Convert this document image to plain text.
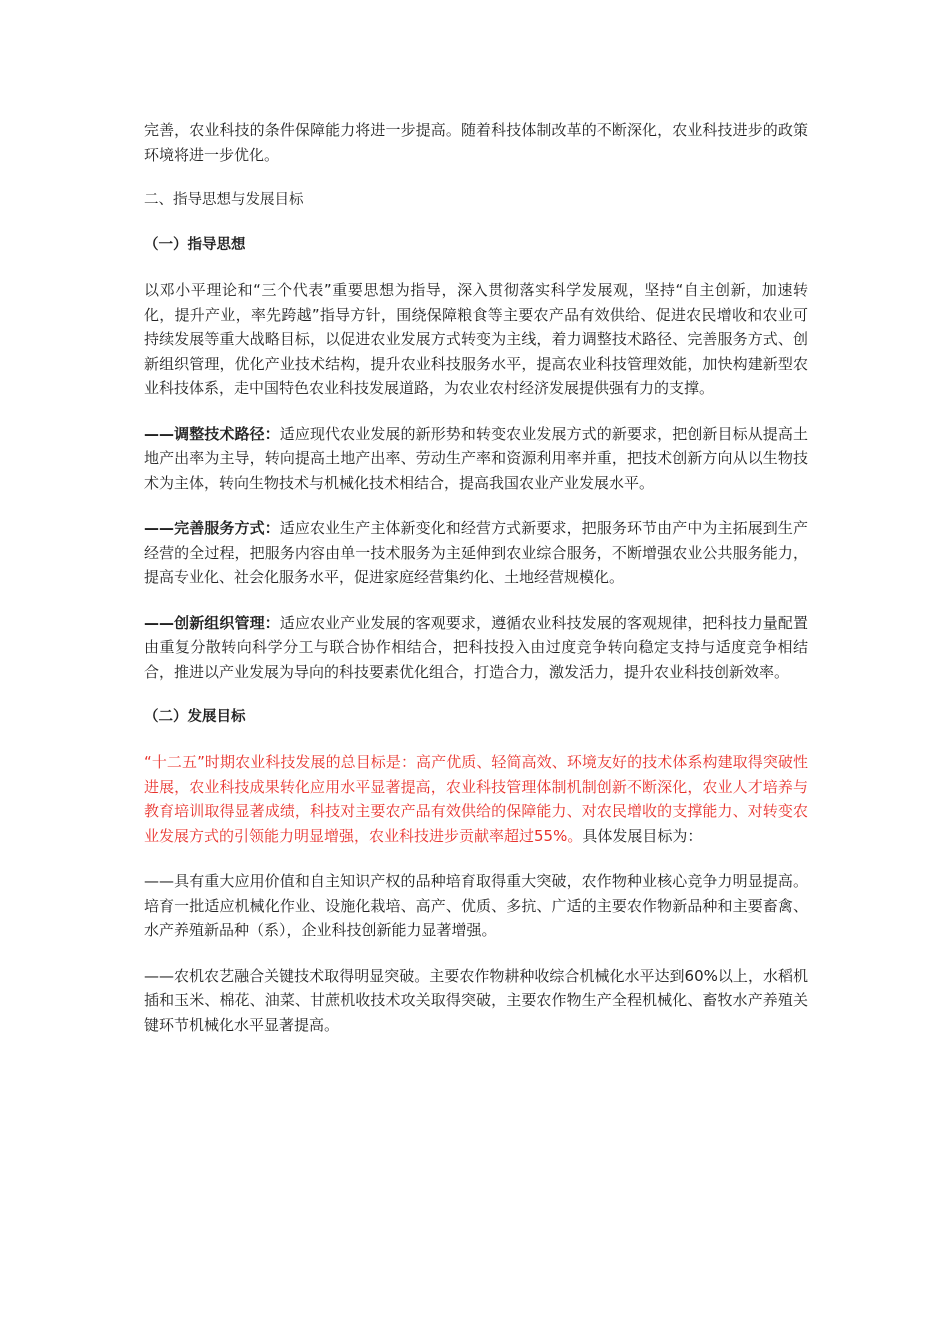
完善，农业科技的条件保障能力将进一步提高。随着科技体制改革的不断深化，农业科技进步的政策环境将进一步优化。

二、指导思想与发展目标

（一）指导思想

以邓小平理论和“三个代表”重要思想为指导，深入贯彻落实科学发展观，坚持“自主创新，加速转化，提升产业，率先跨越”指导方针，围绕保障粮食等主要农产品有效供给、促进农民增收和农业可持续发展等重大战略目标，以促进农业发展方式转变为主线，着力调整技术路径、完善服务方式、创新组织管理，优化产业技术结构，提升农业科技服务水平，提高农业科技管理效能，加快构建新型农业科技体系，走中国特色农业科技发展道路，为农业农村经济发展提供强有力的支撑。

——调整技术路径：适应现代农业发展的新形势和转变农业发展方式的新要求，把创新目标从提高土地产出率为主导，转向提高土地产出率、劳动生产率和资源利用率并重，把技术创新方向从以生物技术为主体，转向生物技术与机械化技术相结合，提高我国农业产业发展水平。

——完善服务方式：适应农业生产主体新变化和经营方式新要求，把服务环节由产中为主拓展到生产经营的全过程，把服务内容由单一技术服务为主延伸到农业综合服务，不断增强农业公共服务能力，提高专业化、社会化服务水平，促进家庭经营集约化、土地经营规模化。

——创新组织管理：适应农业产业发展的客观要求，遵循农业科技发展的客观规律，把科技力量配置由重复分散转向科学分工与联合协作相结合，把科技投入由过度竞争转向稳定支持与适度竞争相结合，推进以产业发展为导向的科技要素优化组合，打造合力，激发活力，提升农业科技创新效率。

（二）发展目标

“十二五”时期农业科技发展的总目标是：高产优质、轻简高效、环境友好的技术体系构建取得突破性进展，农业科技成果转化应用水平显著提高，农业科技管理体制机制创新不断深化，农业人才培养与教育培训取得显著成绩，科技对主要农产品有效供给的保障能力、对农民增收的支撑能力、对转变农业发展方式的引领能力明显增强，农业科技进步贡献率超过55%。具体发展目标为：

——具有重大应用价值和自主知识产权的品种培育取得重大突破，农作物种业核心竞争力明显提高。培育一批适应机械化作业、设施化栽培、高产、优质、多抗、广适的主要农作物新品种和主要畜禽、水产养殖新品种（系），企业科技创新能力显著增强。

——农机农艺融合关键技术取得明显突破。主要农作物耕种收综合机械化水平达到60%以上，水稻机插和玉米、棉花、油菜、甘蔗机收技术攻关取得突破，主要农作物生产全程机械化、畜牧水产养殖关键环节机械化水平显著提高。
